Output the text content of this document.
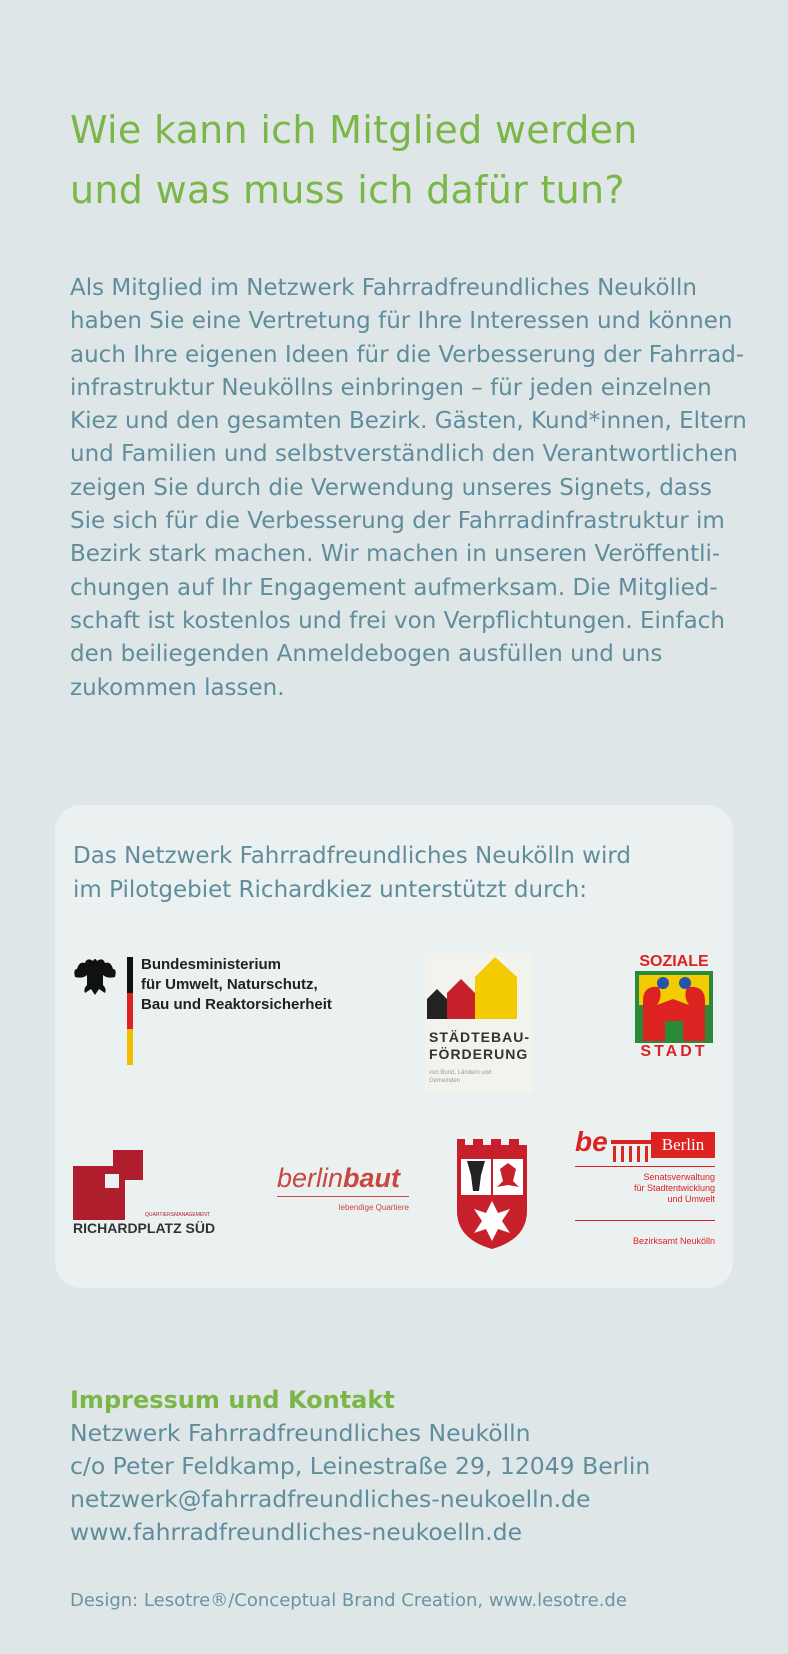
Wie kann ich Mitglied werden
und was muss ich dafür tun?
Als Mitglied im Netzwerk Fahrradfreundliches Neukölln
haben Sie eine Vertretung für Ihre Interessen und können
auch Ihre eigenen Ideen für die Verbesserung der Fahrrad-
infrastruktur Neuköllns einbringen – für jeden einzelnen
Kiez und den gesamten Bezirk. Gästen, Kund*innen, Eltern
und Familien und selbstverständlich den Verantwortlichen
zeigen Sie durch die Verwendung unseres Signets, dass
Sie sich für die Verbesserung der Fahrradinfrastruktur im
Bezirk stark machen. Wir machen in unseren Veröffentli-
chungen auf Ihr Engagement aufmerksam. Die Mitglied-
schaft ist kostenlos und frei von Verpflichtungen. Einfach
den beiliegenden Anmeldebogen ausfüllen und uns
zukommen lassen.
Das Netzwerk Fahrradfreundliches Neukölln wird
im Pilotgebiet Richardkiez unterstützt durch:
Bundesministerium
für Umwelt, Naturschutz,
Bau und Reaktorsicherheit
STÄDTEBAU-
FÖRDERUNG
von Bund, Ländern und
Gemeinden
SOZIALE
STADT
QUARTIERSMANAGEMENT
RICHARDPLATZ SÜD
berlinbaut
lebendige Quartiere
be	Berlin
Senatsverwaltung
für Stadtentwicklung
und Umwelt
Bezirksamt Neukölln
Impressum und Kontakt
Netzwerk Fahrradfreundliches Neukölln
c/o Peter Feldkamp, Leinestraße 29, 12049 Berlin
netzwerk@fahrradfreundliches-neukoelln.de
www.fahrradfreundliches-neukoelln.de
Design: Lesotre®/Conceptual Brand Creation, www.lesotre.de
